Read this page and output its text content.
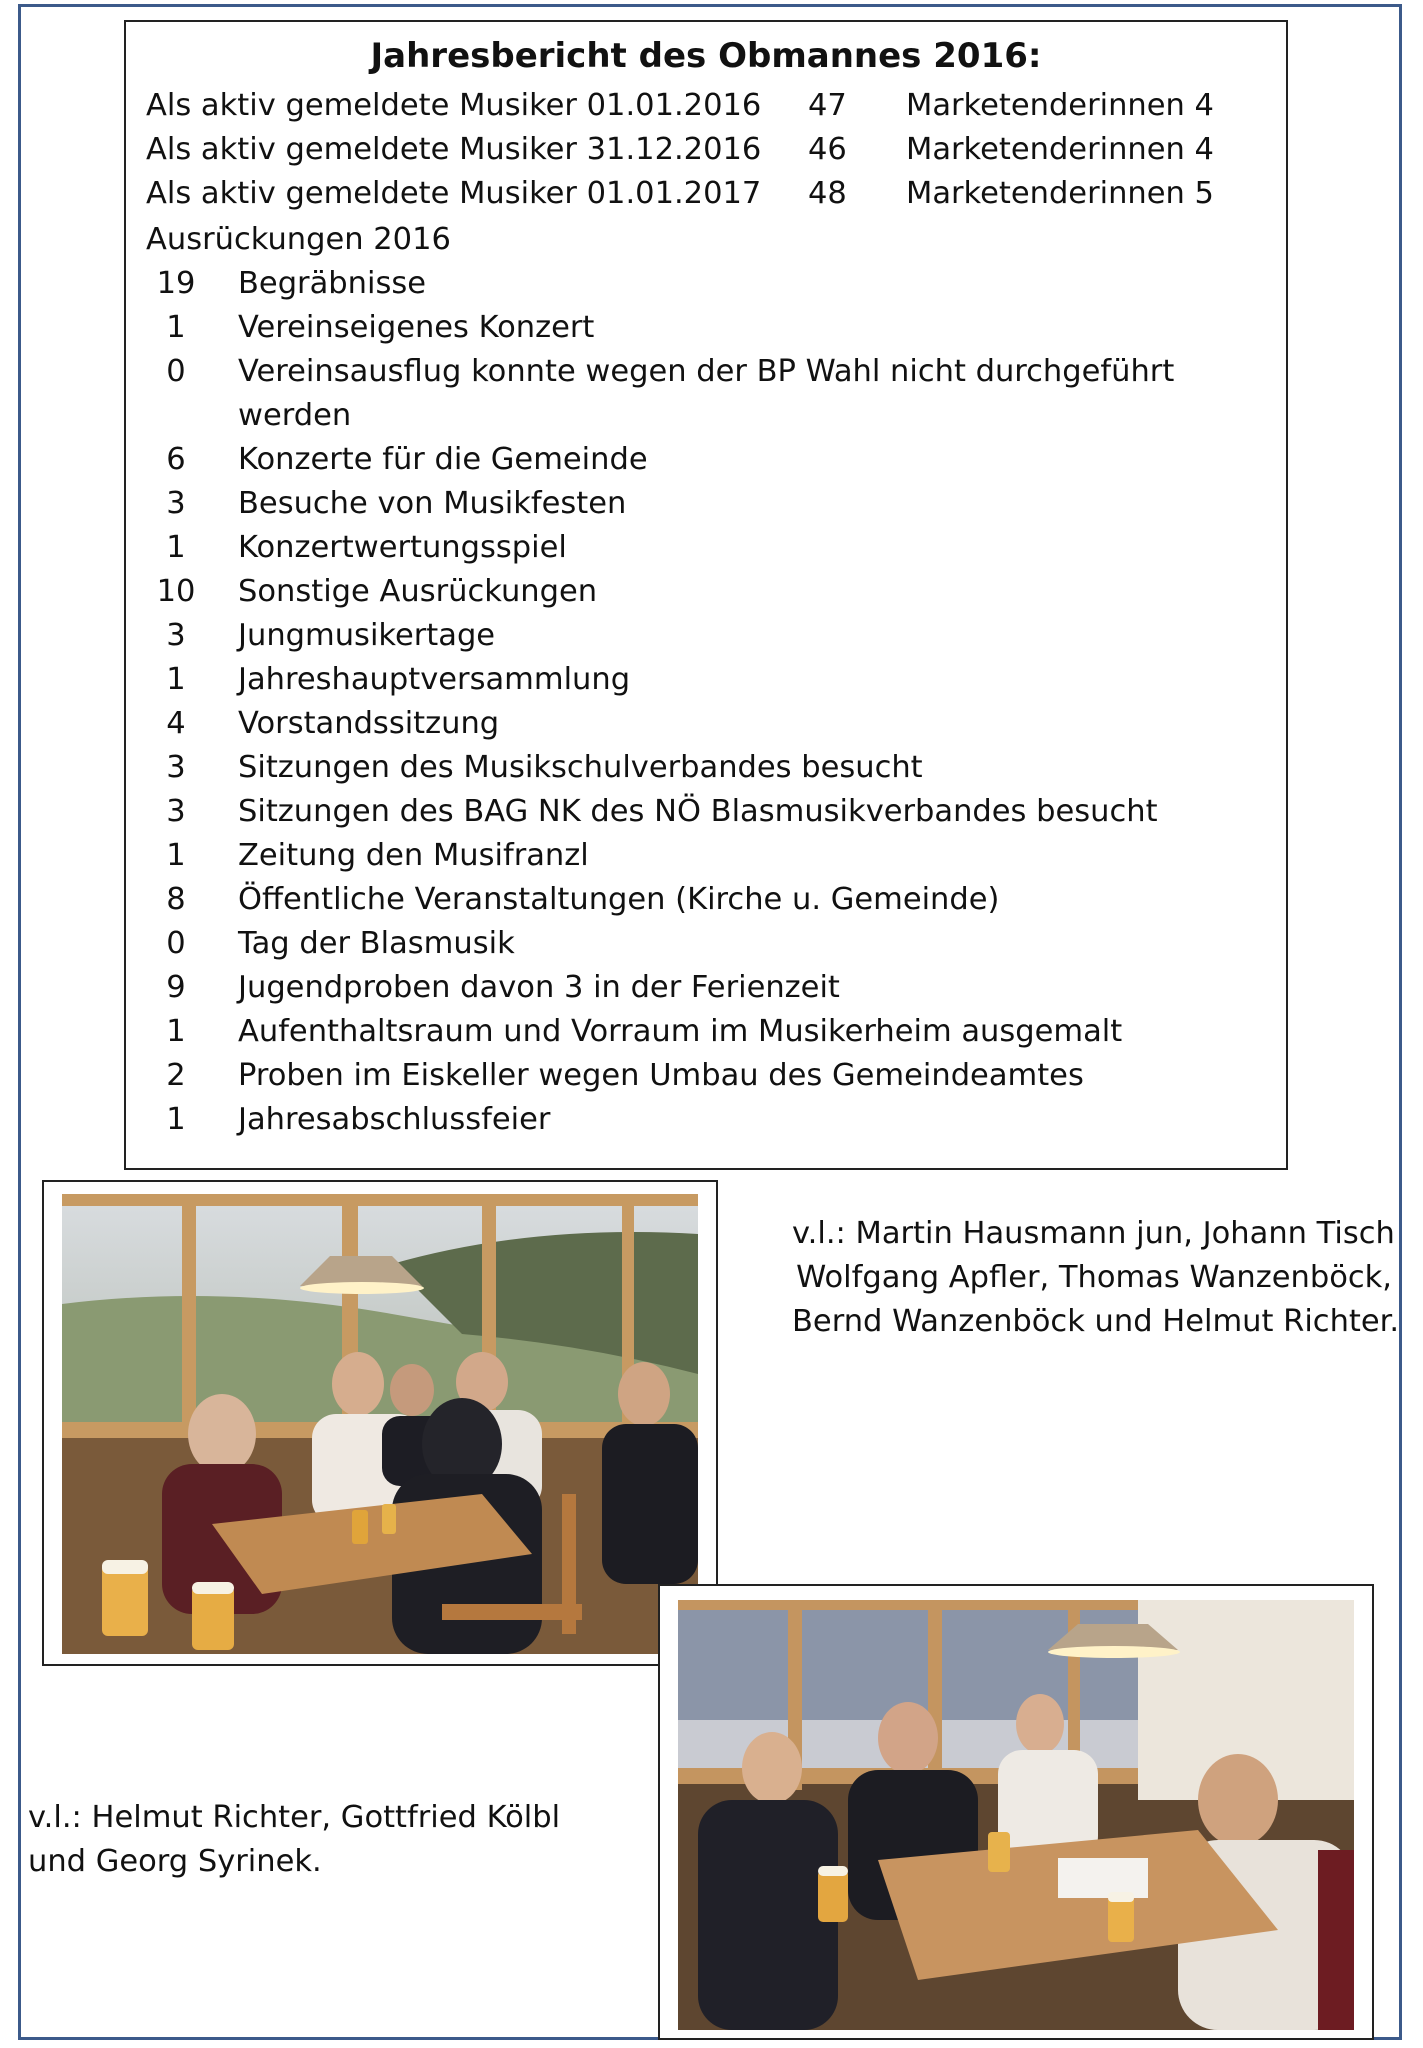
Jahresbericht des Obmannes 2016:
Als aktiv gemeldete Musiker 01.01.2016 47 Marketenderinnen 4
Als aktiv gemeldete Musiker 31.12.2016 46 Marketenderinnen 4
Als aktiv gemeldete Musiker 01.01.2017 48 Marketenderinnen 5
Ausrückungen 2016
19	Begräbnisse
1	Vereinseigenes Konzert
0	Vereinsausflug konnte wegen der BP Wahl nicht durchgeführt werden
6	Konzerte für die Gemeinde
3	Besuche von Musikfesten
1	Konzertwertungsspiel
10	Sonstige Ausrückungen
3	Jungmusikertage
1	Jahreshauptversammlung
4	Vorstandssitzung
3	Sitzungen des Musikschulverbandes besucht
3	Sitzungen des BAG NK des NÖ Blasmusikverbandes besucht
1	Zeitung den Musifranzl
8	Öffentliche Veranstaltungen (Kirche u. Gemeinde)
0	Tag der Blasmusik
9	Jugendproben davon 3 in der Ferienzeit
1	Aufenthaltsraum und Vorraum im Musikerheim ausgemalt
2	Proben im Eiskeller wegen Umbau des Gemeindeamtes
1	Jahresabschlussfeier
v.l.: Martin Hausmann jun, Johann Tisch
Wolfgang Apfler, Thomas Wanzenböck,
Bernd Wanzenböck und Helmut Richter.
v.l.: Helmut Richter, Gottfried Kölbl
und Georg Syrinek.
